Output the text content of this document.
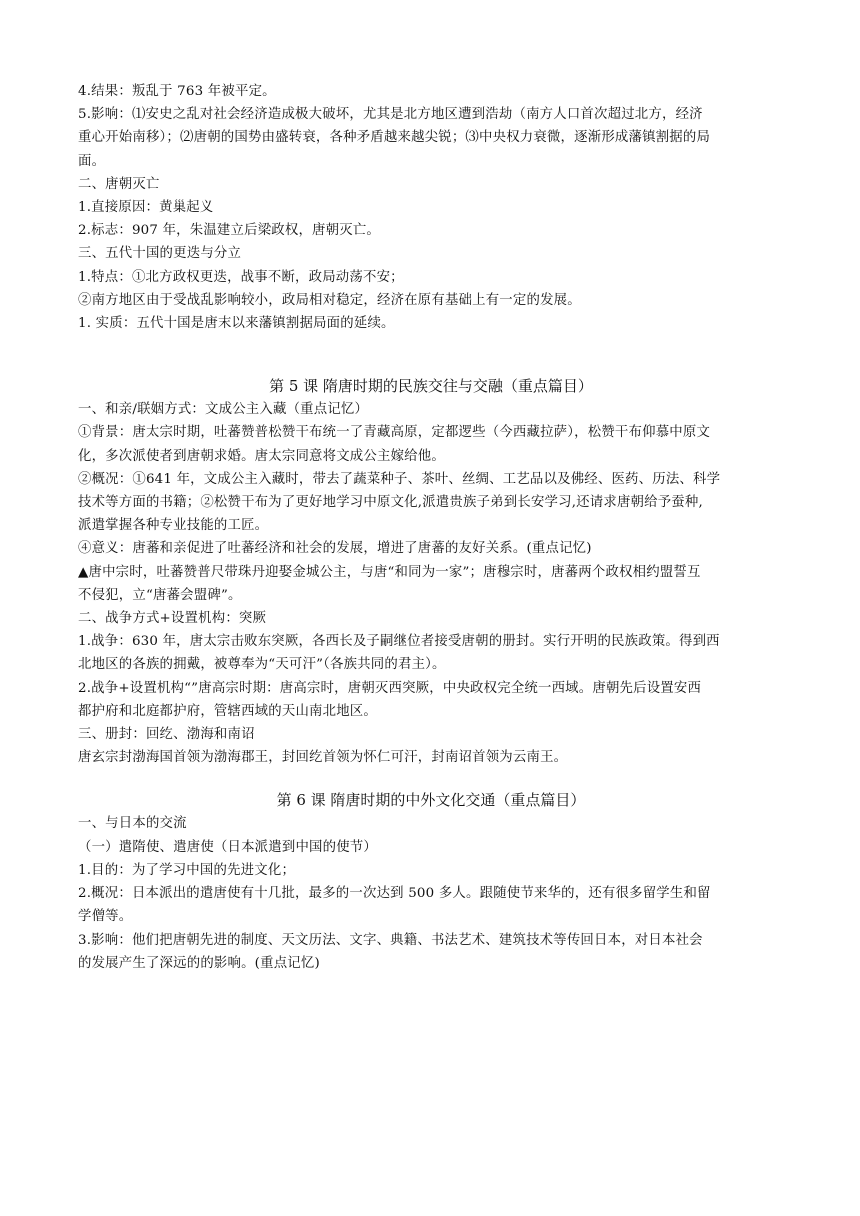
4.结果：叛乱于 763 年被平定。
5.影响：⑴安史之乱对社会经济造成极大破坏，尤其是北方地区遭到浩劫（南方人口首次超过北方，经济
重心开始南移）；⑵唐朝的国势由盛转衰，各种矛盾越来越尖锐；⑶中央权力衰微，逐渐形成藩镇割据的局
面。
二、唐朝灭亡
1.直接原因：黄巢起义
2.标志：907 年，朱温建立后梁政权，唐朝灭亡。
三、五代十国的更迭与分立
1.特点：①北方政权更迭，战事不断，政局动荡不安；
②南方地区由于受战乱影响较小，政局相对稳定，经济在原有基础上有一定的发展。
1. 实质：五代十国是唐末以来藩镇割据局面的延续。
第 5 课 隋唐时期的民族交往与交融（重点篇目）
一、和亲/联姻方式：文成公主入藏（重点记忆）
①背景：唐太宗时期，吐蕃赞普松赞干布统一了青藏高原，定都逻些（今西藏拉萨），松赞干布仰慕中原文
化，多次派使者到唐朝求婚。唐太宗同意将文成公主嫁给他。
②概况：①641 年，文成公主入藏时，带去了蔬菜种子、茶叶、丝绸、工艺品以及佛经、医药、历法、科学
技术等方面的书籍；②松赞干布为了更好地学习中原文化,派遣贵族子弟到长安学习,还请求唐朝给予蚕种,
派遣掌握各种专业技能的工匠。
④意义：唐蕃和亲促进了吐蕃经济和社会的发展，增进了唐蕃的友好关系。(重点记忆)
▲唐中宗时，吐蕃赞普尺带珠丹迎娶金城公主，与唐“和同为一家”；唐穆宗时，唐蕃两个政权相约盟誓互
不侵犯，立“唐蕃会盟碑”。
二、战争方式+设置机构：突厥
1.战争：630 年，唐太宗击败东突厥，各西长及子嗣继位者接受唐朝的册封。实行开明的民族政策。得到西
北地区的各族的拥戴，被尊奉为“天可汗”（各族共同的君主）。
2.战争+设置机构“”唐高宗时期：唐高宗时，唐朝灭西突厥，中央政权完全统一西域。唐朝先后设置安西
都护府和北庭都护府，管辖西域的天山南北地区。
三、册封：回纥、渤海和南诏
唐玄宗封渤海国首领为渤海郡王，封回纥首领为怀仁可汗，封南诏首领为云南王。
第 6 课 隋唐时期的中外文化交通（重点篇目）
一、与日本的交流
（一）遣隋使、遣唐使（日本派遣到中国的使节）
1.目的：为了学习中国的先进文化；
2.概况：日本派出的遣唐使有十几批，最多的一次达到 500 多人。跟随使节来华的，还有很多留学生和留
学僧等。
3.影响：他们把唐朝先进的制度、天文历法、文字、典籍、书法艺术、建筑技术等传回日本，对日本社会
的发展产生了深远的的影响。(重点记忆)
